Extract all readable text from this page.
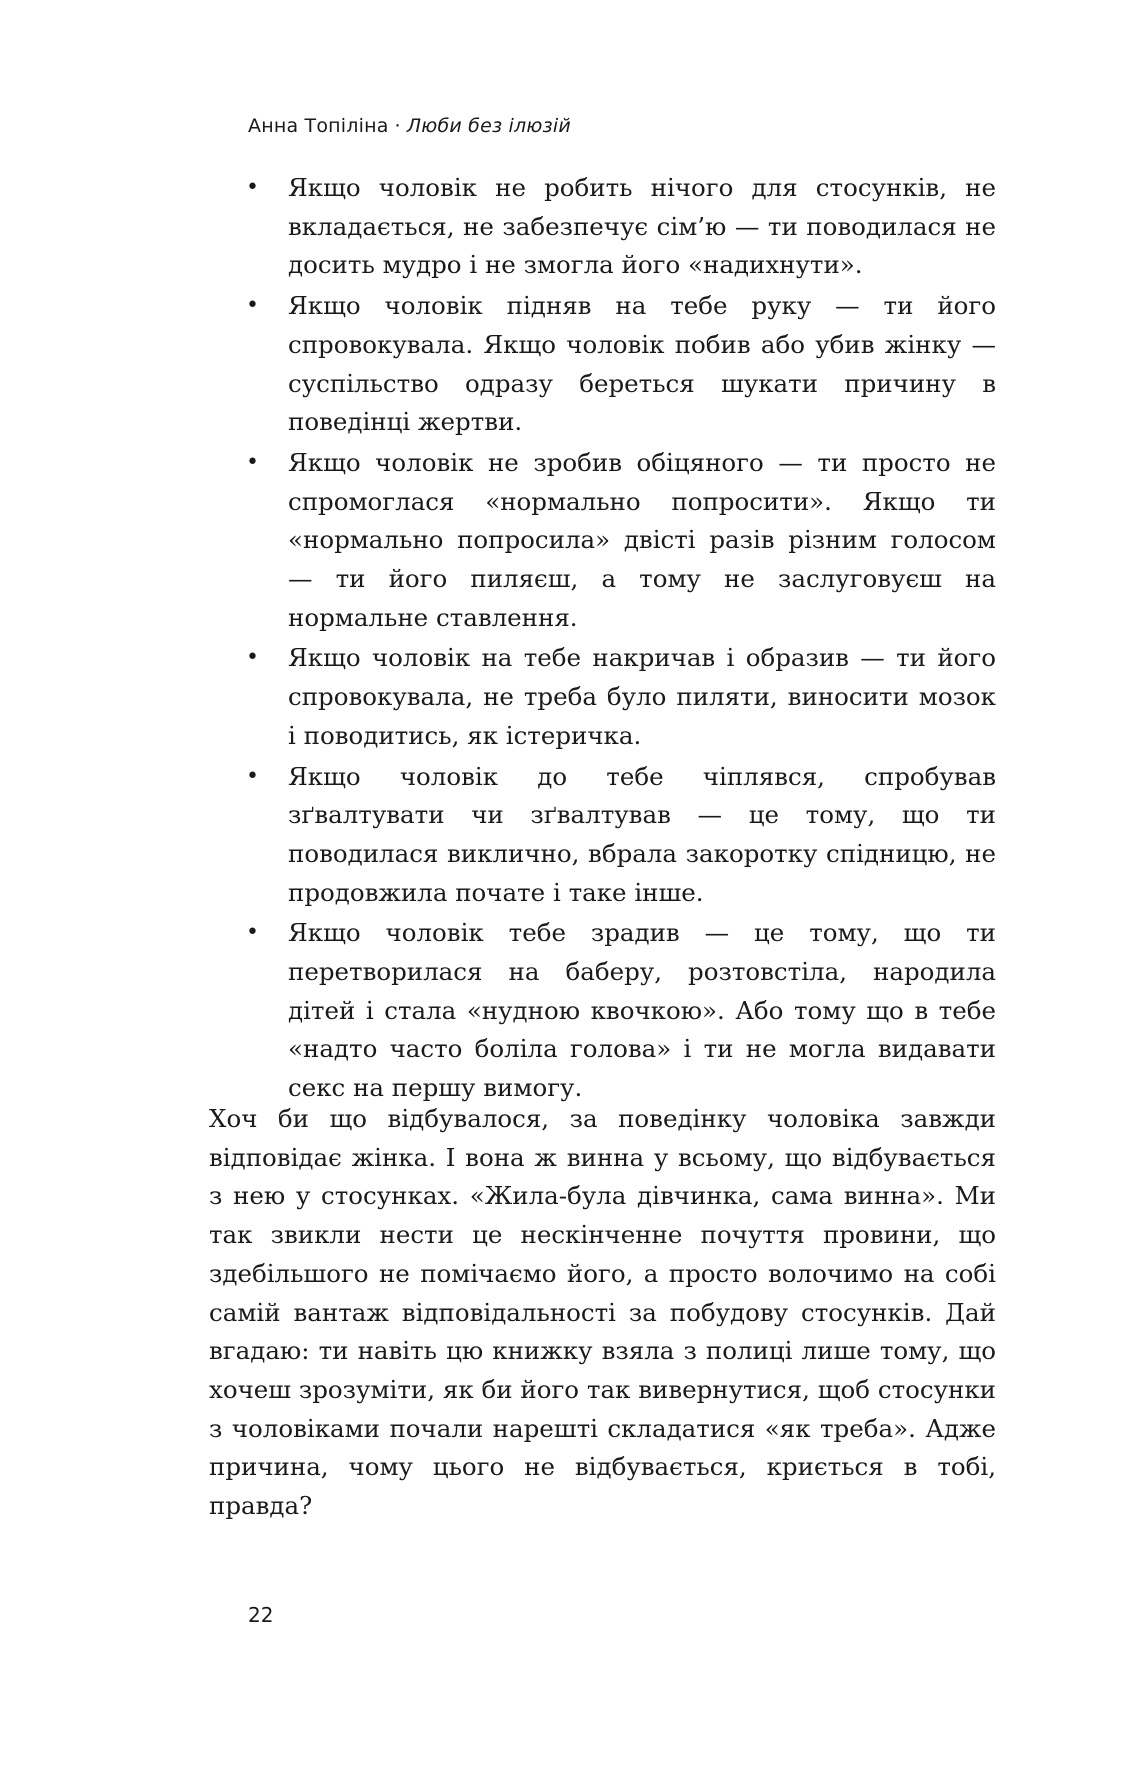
Анна Топіліна · Люби без ілюзій
• Якщо чоловік не робить нічого для стосунків, не вкладається, не забезпечує сім’ю — ти поводилася не досить мудро і не змогла його «надихнути».
• Якщо чоловік підняв на тебе руку — ти його спровокувала. Якщо чоловік побив або убив жінку — суспільство одразу береться шукати причину в поведінці жертви.
• Якщо чоловік не зробив обіцяного — ти просто не спромоглася «нормально попросити». Якщо ти «нормально попросила» двісті разів різним голосом — ти його пиляєш, а тому не заслуговуєш на нормальне ставлення.
• Якщо чоловік на тебе накричав і образив — ти його спровокувала, не треба було пиляти, виносити мозок і поводитись, як істеричка.
• Якщо чоловік до тебе чіплявся, спробував зґвалтувати чи зґвалтував — це тому, що ти поводилася виклично, вбрала закоротку спідницю, не продовжила почате і таке інше.
• Якщо чоловік тебе зрадив — це тому, що ти перетворилася на баберу, розтовстіла, народила дітей і стала «нудною квочкою». Або тому що в тебе «надто часто боліла голова» і ти не могла видавати секс на першу вимогу.

Хоч би що відбувалося, за поведінку чоловіка завжди відповідає жінка. І вона ж винна у всьому, що відбувається з нею у стосунках. «Жила-була дівчинка, сама винна». Ми так звикли нести це нескінченне почуття провини, що здебільшого не помічаємо його, а просто волочимо на собі самій вантаж відповідальності за побудову стосунків. Дай вгадаю: ти навіть цю книжку взяла з полиці лише тому, що хочеш зрозуміти, як би його так вивернутися, щоб стосунки з чоловіками почали нарешті складатися «як треба». Адже причина, чому цього не відбувається, криється в тобі, правда?

22
